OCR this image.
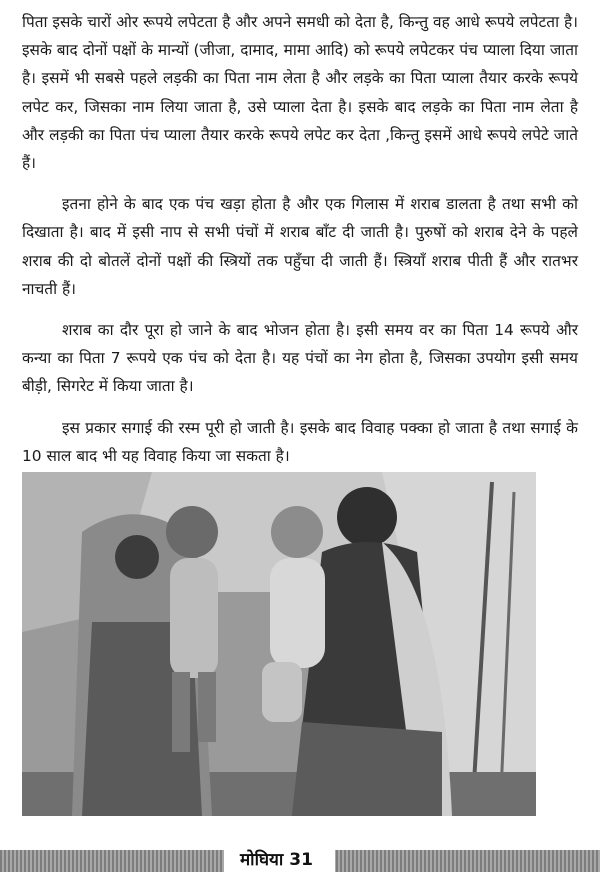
पिता इसके चारों ओर रूपये लपेटता है और अपने समधी को देता है, किन्तु वह आधे रूपये लपेटता है। इसके बाद दोनों पक्षों के मान्यों (जीजा, दामाद, मामा आदि) को रूपये लपेटकर पंच प्याला दिया जाता है। इसमें भी सबसे पहले लड़की का पिता नाम लेता है और लड़के का पिता प्याला तैयार करके रूपये लपेट कर, जिसका नाम लिया जाता है, उसे प्याला देता है। इसके बाद लड़के का पिता नाम लेता है और लड़की का पिता पंच प्याला तैयार करके रूपये लपेट कर देता ,किन्तु इसमें आधे रूपये लपेटे जाते हैं।

इतना होने के बाद एक पंच खड़ा होता है और एक गिलास में शराब डालता है तथा सभी को दिखाता है। बाद में इसी नाप से सभी पंचों में शराब बाँट दी जाती है। पुरुषों को शराब देने के पहले शराब की दो बोतलें दोनों पक्षों की स्त्रियों तक पहुँचा दी जाती हैं। स्त्रियाँ शराब पीती हैं और रातभर नाचती हैं।

शराब का दौर पूरा हो जाने के बाद भोजन होता है। इसी समय वर का पिता 14 रूपये और कन्या का पिता 7 रूपये एक पंच को देता है। यह पंचों का नेग होता है, जिसका उपयोग इसी समय बीड़ी, सिगरेट में किया जाता है।

इस प्रकार सगाई की रस्म पूरी हो जाती है। इसके बाद विवाह पक्का हो जाता है तथा सगाई के 10 साल बाद भी यह विवाह किया जा सकता है।

मोघिया 31
